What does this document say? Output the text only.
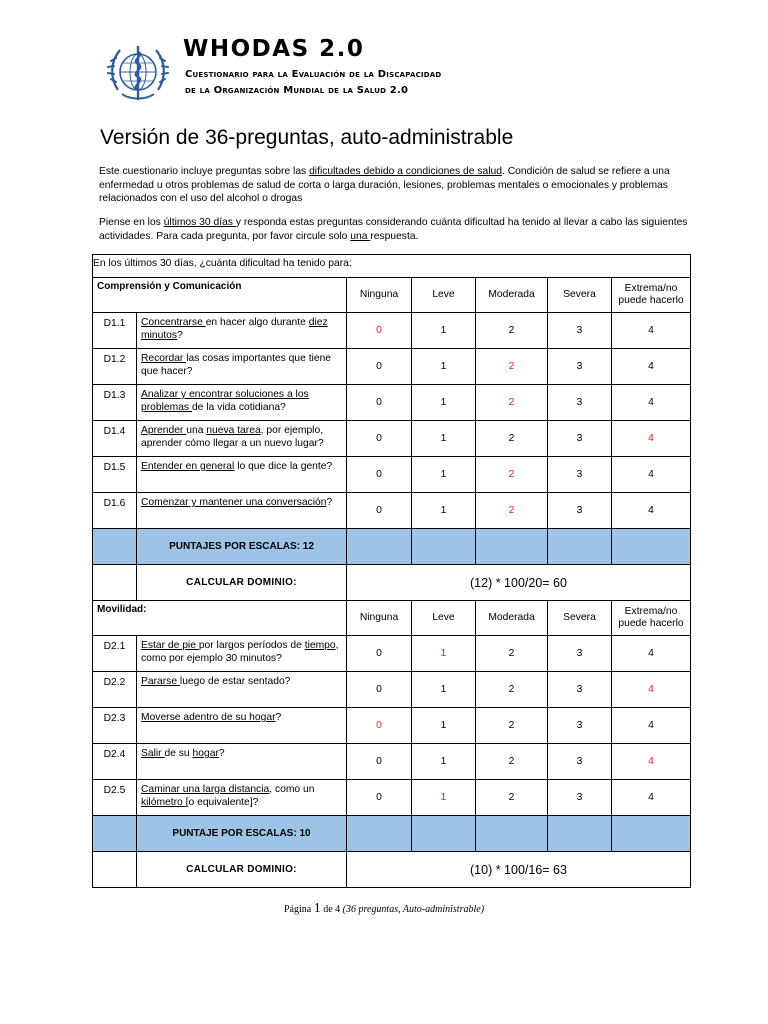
WHODAS 2.0
Cuestionario para la Evaluación de la Discapacidad
de la Organización Mundial de la Salud 2.0
Versión de 36-preguntas, auto-administrable

Este cuestionario incluye preguntas sobre las dificultades debido a condiciones de salud. Condición de salud se refiere a una enfermedad u otros problemas de salud de corta o larga duración, lesiones, problemas mentales o emocionales y problemas relacionados con el uso del alcohol o drogas

Piense en los últimos 30 días y responda estas preguntas considerando cuánta dificultad ha tenido al llevar a cabo las siguientes actividades. Para cada pregunta, por favor circule solo una respuesta.

En los últimos 30 días, ¿cuánta dificultad ha tenido para:						
Comprensión y Comunicación		Ninguna	Leve	Moderada	Severa	Extrema/no puede hacerlo
D1.1	Concentrarse en hacer algo durante diez minutos?	0	1	2	3	4
D1.2	Recordar las cosas importantes que tiene que hacer?	0	1	2	3	4
D1.3	Analizar y encontrar soluciones a los problemas de la vida cotidiana?	0	1	2	3	4
D1.4	Aprender una nueva tarea, por ejemplo, aprender cómo llegar a un nuevo lugar?	0	1	2	3	4
D1.5	Entender en general lo que dice la gente?	0	1	2	3	4
D1.6	Comenzar y mantener una conversación?	0	1	2	3	4
	PUNTAJES POR ESCALAS: 12					
	CALCULAR DOMINIO:	(12) * 100/20= 60				
Movilidad:		Ninguna	Leve	Moderada	Severa	Extrema/no puede hacerlo
D2.1	Estar de pie por largos períodos de tiempo, como por ejemplo 30 minutos?	0	1	2	3	4
D2.2	Pararse luego de estar sentado?	0	1	2	3	4
D2.3	Moverse adentro de su hogar?	0	1	2	3	4
D2.4	Salir de su hogar?	0	1	2	3	4
D2.5	Caminar una larga distancia, como un kilómetro [o equivalente]?	0	1	2	3	4
	PUNTAJE POR ESCALAS: 10					
	CALCULAR DOMINIO:	(10) * 100/16= 63				
Página 1 de 4 (36 preguntas, Auto-administrable)
